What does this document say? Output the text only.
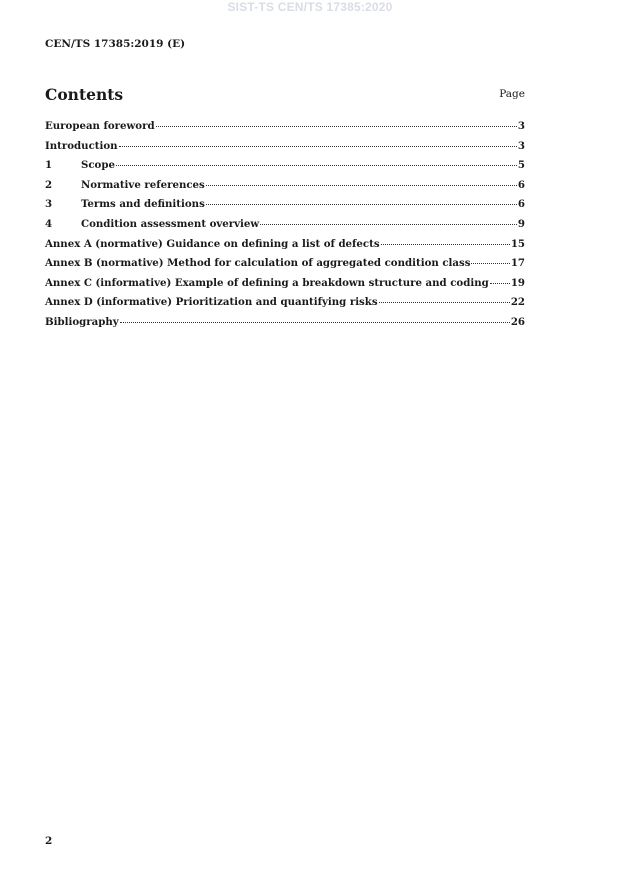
SIST-TS CEN/TS 17385:2020
CEN/TS 17385:2019 (E)
Contents	Page
European foreword	3
Introduction	3
1	Scope	5
2	Normative references	6
3	Terms and definitions	6
4	Condition assessment overview	9
Annex A (normative) Guidance on defining a list of defects	15
Annex B (normative) Method for calculation of aggregated condition class	17
Annex C (informative) Example of defining a breakdown structure and coding 19
Annex D (informative) Prioritization and quantifying risks	22
Bibliography	26
2
